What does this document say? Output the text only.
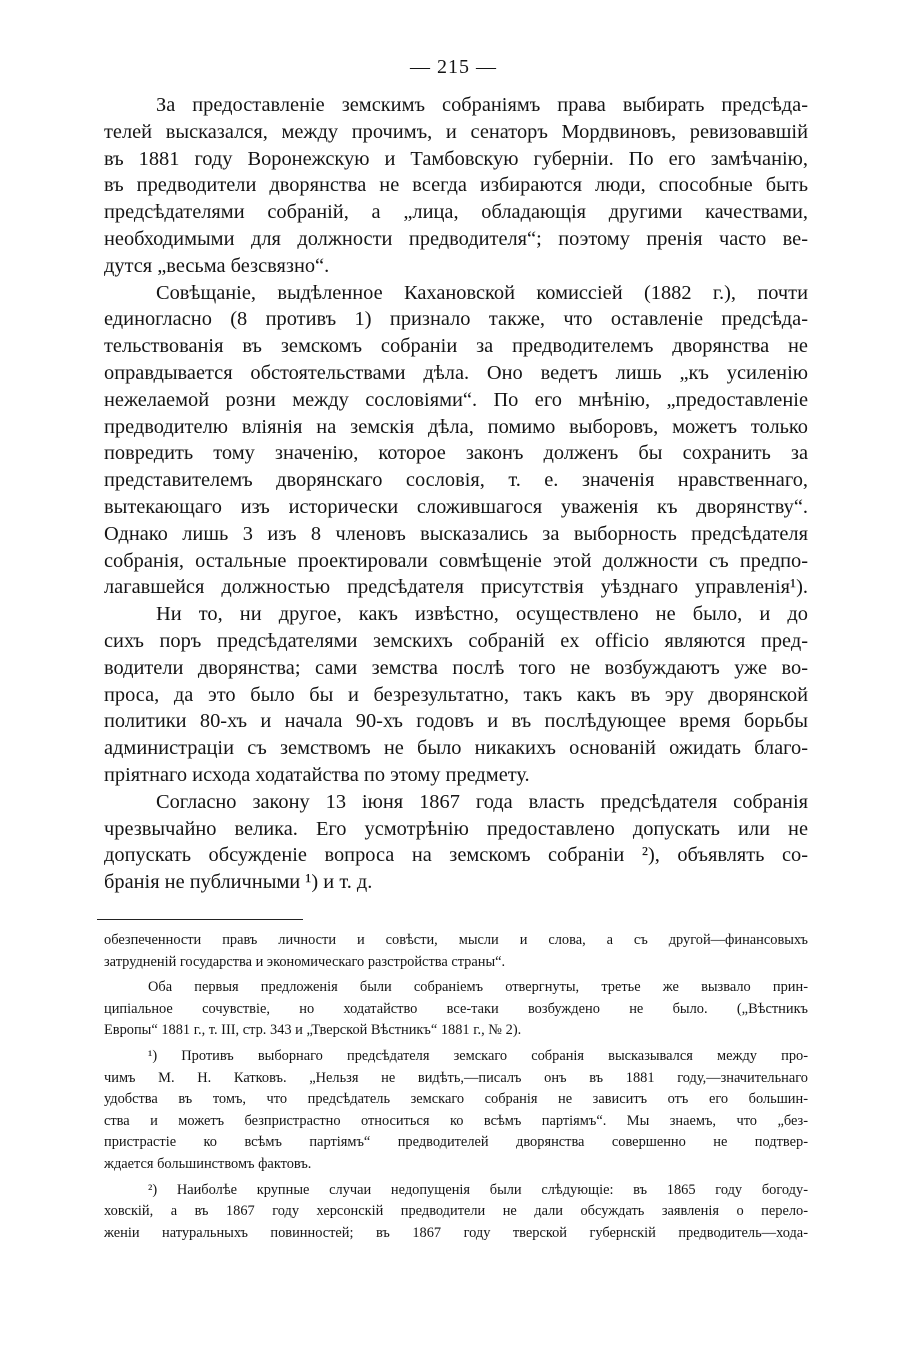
— 215 —
За предоставленіе земскимъ собраніямъ права выбирать предсѣда-
телей высказался, между прочимъ, и сенаторъ Мордвиновъ, ревизовавшій
въ 1881 году Воронежскую и Тамбовскую губерніи. По его замѣчанію,
въ предводители дворянства не всегда избираются люди, способные быть
предсѣдателями собраній, а „лица, обладающія другими качествами,
необходимыми для должности предводителя“; поэтому пренія часто ве-
дутся „весьма безсвязно“.
Совѣщаніе, выдѣленное Кахановской комиссіей (1882 г.), почти
единогласно (8 противъ 1) признало также, что оставленіе предсѣда-
тельствованія въ земскомъ собраніи за предводителемъ дворянства не
оправдывается обстоятельствами дѣла. Оно ведетъ лишь „къ усиленію
нежелаемой розни между сословіями“. По его мнѣнію, „предоставленіе
предводителю вліянія на земскія дѣла, помимо выборовъ, можетъ только
повредить тому значенію, которое законъ долженъ бы сохранить за
представителемъ дворянскаго сословія, т. е. значенія нравственнаго,
вытекающаго изъ исторически сложившагося уваженія къ дворянству“.
Однако лишь 3 изъ 8 членовъ высказались за выборность предсѣдателя
собранія, остальные проектировали совмѣщеніе этой должности съ предпо-
лагавшейся должностью предсѣдателя присутствія уѣзднаго управленія¹).
Ни то, ни другое, какъ извѣстно, осуществлено не было, и до
сихъ поръ предсѣдателями земскихъ собраній ex officio являются пред-
водители дворянства; сами земства послѣ того не возбуждаютъ уже во-
проса, да это было бы и безрезультатно, такъ какъ въ эру дворянской
политики 80-хъ и начала 90-хъ годовъ и въ послѣдующее время борьбы
администраціи съ земствомъ не было никакихъ основаній ожидать благо-
пріятнаго исхода ходатайства по этому предмету.
Согласно закону 13 іюня 1867 года власть предсѣдателя собранія
чрезвычайно велика. Его усмотрѣнію предоставлено допускать или не
допускать обсужденіе вопроса на земскомъ собраніи ²), объявлять со-
бранія не публичными ¹) и т. д.
обезпеченности правъ личности и совѣсти, мысли и слова, а съ другой—финансовыхъ
затрудненій государства и экономическаго разстройства страны“.
Оба первыя предложенія были собраніемъ отвергнуты, третье же вызвало прин-
ципіальное сочувствіе, но ходатайство все-таки возбуждено не было. („Вѣстникъ
Европы“ 1881 г., т. III, стр. 343 и „Тверской Вѣстникъ“ 1881 г., № 2).
¹) Противъ выборнаго предсѣдателя земскаго собранія высказывался между про-
чимъ М. Н. Катковъ. „Нельзя не видѣть,—писалъ онъ въ 1881 году,—значительнаго
удобства въ томъ, что предсѣдатель земскаго собранія не зависитъ отъ его большин-
ства и можетъ безпристрастно относиться ко всѣмъ партіямъ“. Мы знаемъ, что „без-
пристрастіе ко всѣмъ партіямъ“ предводителей дворянства совершенно не подтвер-
ждается большинствомъ фактовъ.
²) Наиболѣе крупные случаи недопущенія были слѣдующіе: въ 1865 году богоду-
ховскій, а въ 1867 году херсонскій предводители не дали обсуждать заявленія о перело-
женіи натуральныхъ повинностей; въ 1867 году тверской губернскій предводитель—хода-
